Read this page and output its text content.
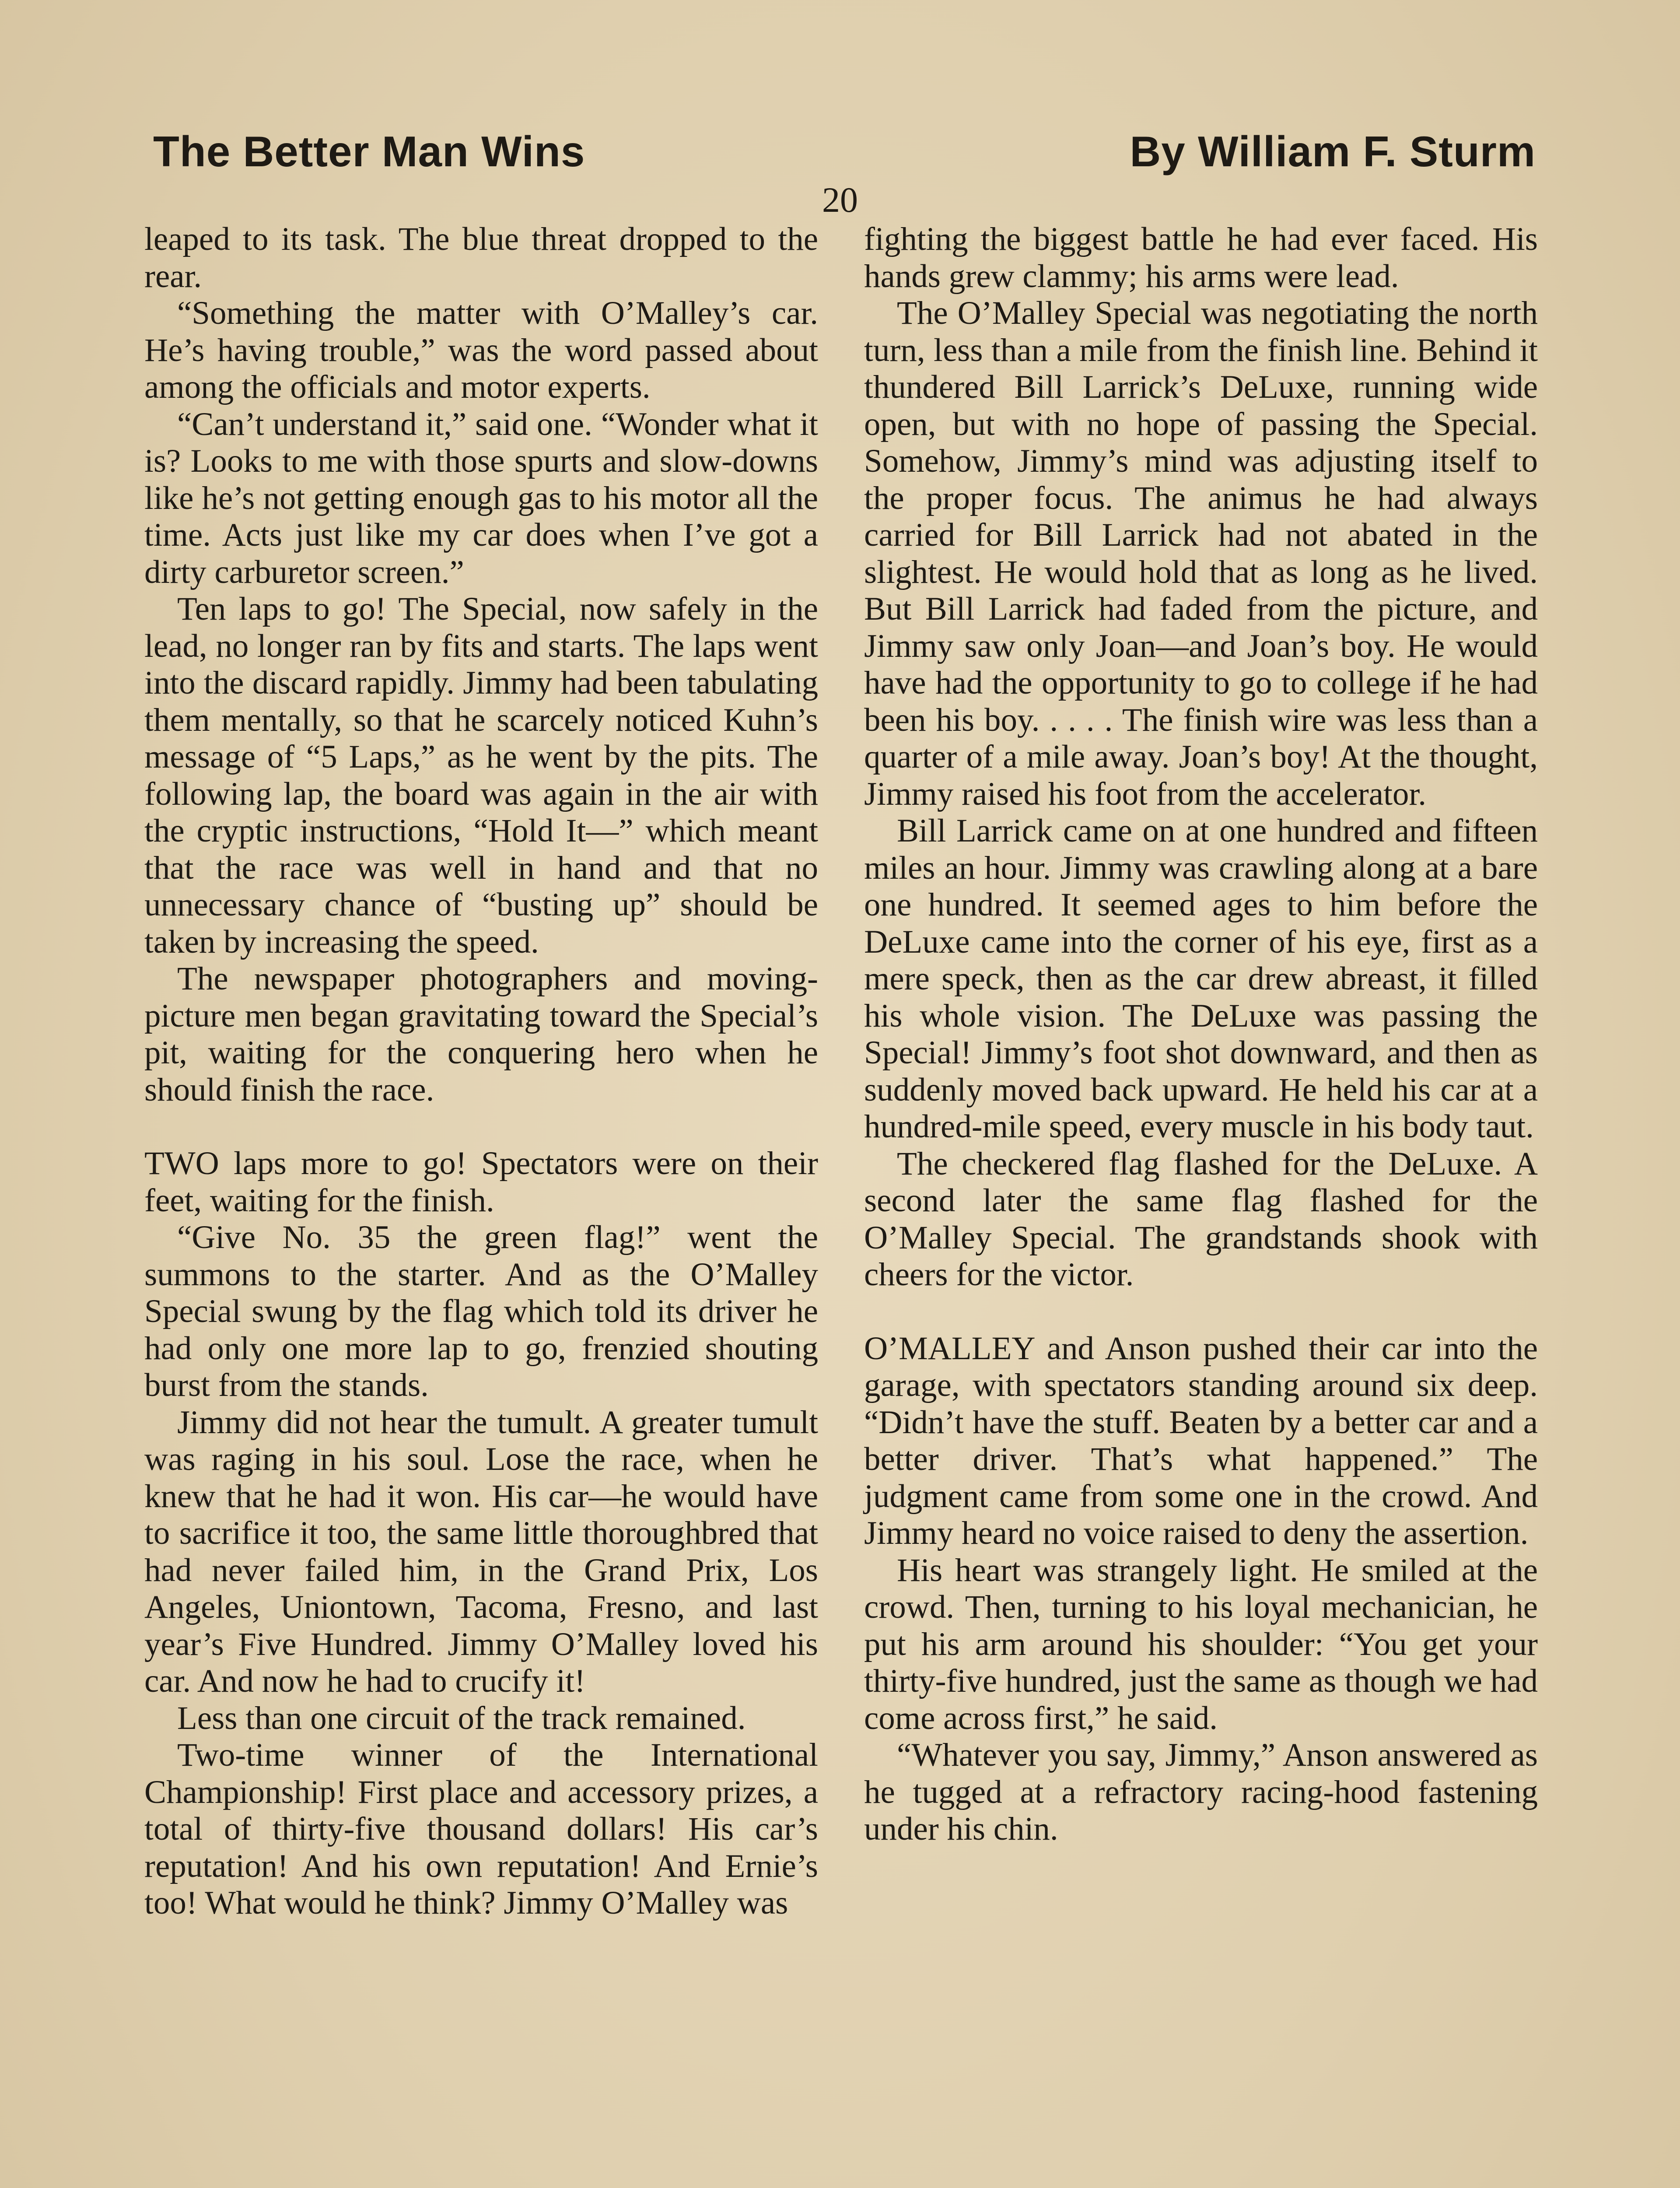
The Better Man Wins	By William F. Sturm
20

leaped to its task. The blue threat dropped to the rear.

“Something the matter with O’Malley’s car. He’s having trouble,” was the word passed about among the officials and motor experts.

“Can’t understand it,” said one. “Wonder what it is? Looks to me with those spurts and slow-downs like he’s not getting enough gas to his motor all the time. Acts just like my car does when I’ve got a dirty carburetor screen.”

Ten laps to go! The Special, now safely in the lead, no longer ran by fits and starts. The laps went into the discard rapidly. Jimmy had been tabulating them mentally, so that he scarcely noticed Kuhn’s message of “5 Laps,” as he went by the pits. The following lap, the board was again in the air with the cryptic instructions, “Hold It—” which meant that the race was well in hand and that no unnecessary chance of “busting up” should be taken by increasing the speed.

The newspaper photographers and moving-picture men began gravitating toward the Special’s pit, waiting for the conquering hero when he should finish the race.

TWO laps more to go! Spectators were on their feet, waiting for the finish.

“Give No. 35 the green flag!” went the summons to the starter. And as the O’Malley Special swung by the flag which told its driver he had only one more lap to go, frenzied shouting burst from the stands.

Jimmy did not hear the tumult. A greater tumult was raging in his soul. Lose the race, when he knew that he had it won. His car—he would have to sacrifice it too, the same little thoroughbred that had never failed him, in the Grand Prix, Los Angeles, Uniontown, Tacoma, Fresno, and last year’s Five Hundred. Jimmy O’Malley loved his car. And now he had to crucify it!

Less than one circuit of the track remained.

Two-time winner of the International Championship! First place and accessory prizes, a total of thirty-five thousand dollars! His car’s reputation! And his own reputation! And Ernie’s too! What would he think? Jimmy O’Malley was

fighting the biggest battle he had ever faced. His hands grew clammy; his arms were lead.

The O’Malley Special was negotiating the north turn, less than a mile from the finish line. Behind it thundered Bill Larrick’s DeLuxe, running wide open, but with no hope of passing the Special. Somehow, Jimmy’s mind was adjusting itself to the proper focus. The animus he had always carried for Bill Larrick had not abated in the slightest. He would hold that as long as he lived. But Bill Larrick had faded from the picture, and Jimmy saw only Joan—and Joan’s boy. He would have had the opportunity to go to college if he had been his boy. . . . . The finish wire was less than a quarter of a mile away. Joan’s boy! At the thought, Jimmy raised his foot from the accelerator.

Bill Larrick came on at one hundred and fifteen miles an hour. Jimmy was crawling along at a bare one hundred. It seemed ages to him before the DeLuxe came into the corner of his eye, first as a mere speck, then as the car drew abreast, it filled his whole vision. The DeLuxe was passing the Special! Jimmy’s foot shot downward, and then as suddenly moved back upward. He held his car at a hundred-mile speed, every muscle in his body taut.

The checkered flag flashed for the DeLuxe. A second later the same flag flashed for the O’Malley Special. The grandstands shook with cheers for the victor.

O’MALLEY and Anson pushed their car into the garage, with spectators standing around six deep. “Didn’t have the stuff. Beaten by a better car and a better driver. That’s what happened.” The judgment came from some one in the crowd. And Jimmy heard no voice raised to deny the assertion.

His heart was strangely light. He smiled at the crowd. Then, turning to his loyal mechanician, he put his arm around his shoulder: “You get your thirty-five hundred, just the same as though we had come across first,” he said.

“Whatever you say, Jimmy,” Anson answered as he tugged at a refractory racing-hood fastening under his chin.
